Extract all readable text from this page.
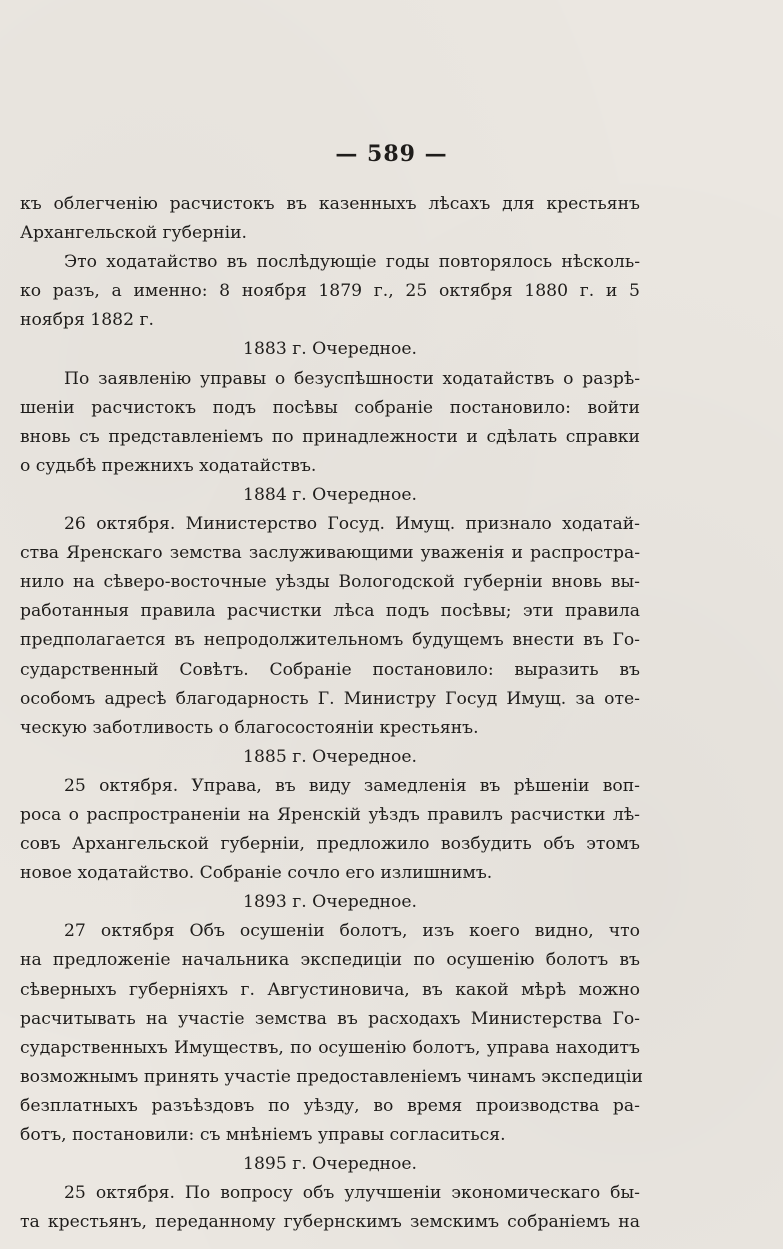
— 589 —
къ облегченію расчистокъ въ казенныхъ лѣсахъ для крестьянъ
Архангельской губерніи.
Это ходатайство въ послѣдующіе годы повторялось нѣсколь-
ко разъ, а именно: 8 ноября 1879 г., 25 октября 1880 г. и 5
ноября 1882 г.
1883 г. Очередное.
По заявленію управы о безуспѣшности ходатайствъ о разрѣ-
шеніи расчистокъ подъ посѣвы собраніе постановило: войти
вновь съ представленіемъ по принадлежности и сдѣлать справки
о судьбѣ прежнихъ ходатайствъ.
1884 г. Очередное.
26 октября. Министерство Госуд. Имущ. признало ходатай-
ства Яренскаго земства заслуживающими уваженія и распростра-
нило на сѣверо-восточные уѣзды Вологодской губерніи вновь вы-
работанныя правила расчистки лѣса подъ посѣвы; эти правила
предполагается въ непродолжительномъ будущемъ внести въ Го-
сударственный Совѣтъ. Собраніе постановило: выразить въ
особомъ адресѣ благодарность Г. Министру Госуд Имущ. за оте-
ческую заботливость о благосостояніи крестьянъ.
1885 г. Очередное.
25 октября. Управа, въ виду замедленія въ рѣшеніи воп-
роса о распространеніи на Яренскій уѣздъ правилъ расчистки лѣ-
совъ Архангельской губерніи, предложило возбудить объ этомъ
новое ходатайство. Собраніе сочло его излишнимъ.
1893 г. Очередное.
27 октября Объ осушеніи болотъ, изъ коего видно, что
на предложеніе начальника экспедиціи по осушенію болотъ въ
сѣверныхъ губерніяхъ г. Августиновича, въ какой мѣрѣ можно
расчитывать на участіе земства въ расходахъ Министерства Го-
сударственныхъ Имуществъ, по осушенію болотъ, управа находитъ
возможнымъ принять участіе предоставленіемъ чинамъ экспедиціи
безплатныхъ разъѣздовъ по уѣзду, во время производства ра-
ботъ, постановили: съ мнѣніемъ управы согласиться.
1895 г. Очередное.
25 октября. По вопросу объ улучшеніи экономическаго бы-
та крестьянъ, переданному губернскимъ земскимъ собраніемъ на
